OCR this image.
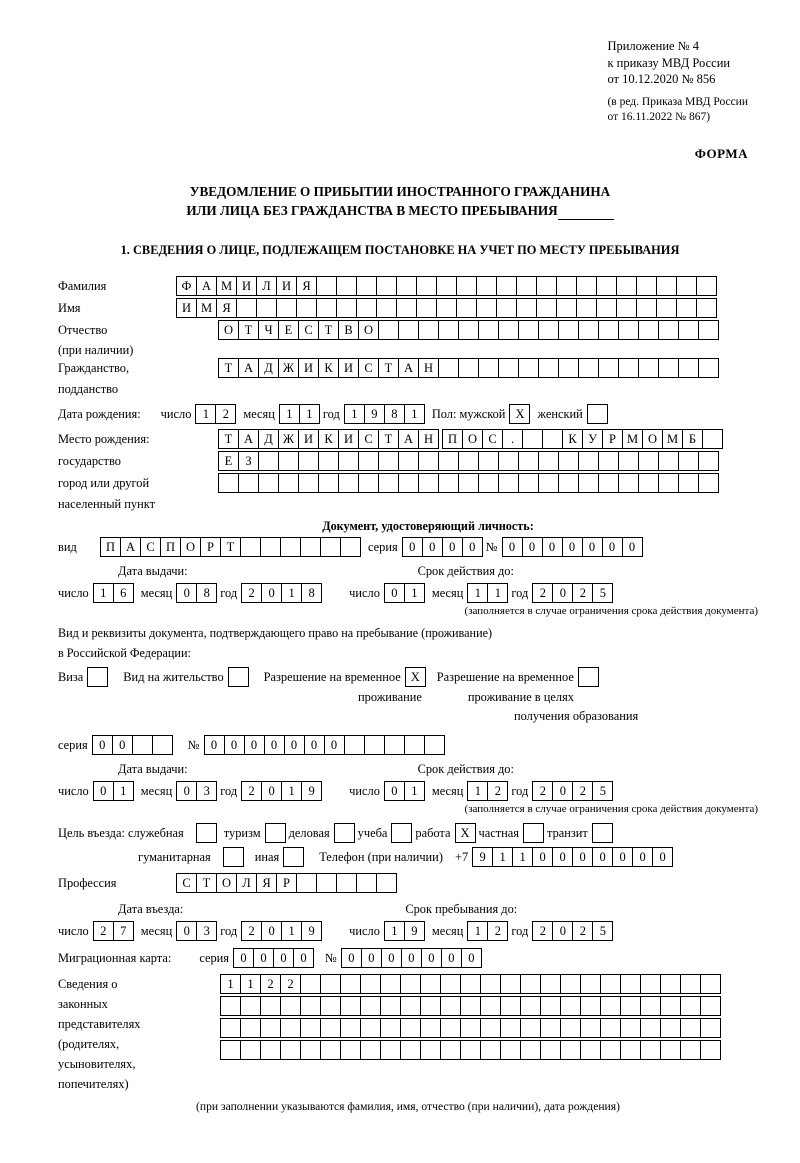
Приложение № 4
к приказу МВД России
от 10.12.2020 № 856
(в ред. Приказа МВД России
от 16.11.2022 № 867)
ФОРМА
УВЕДОМЛЕНИЕ О ПРИБЫТИИ ИНОСТРАННОГО ГРАЖДАНИНА
ИЛИ ЛИЦА БЕЗ ГРАЖДАНСТВА В МЕСТО ПРЕБЫВАНИЯ
1. СВЕДЕНИЯ О ЛИЦЕ, ПОДЛЕЖАЩЕМ ПОСТАНОВКЕ НА УЧЕТ ПО МЕСТУ ПРЕБЫВАНИЯ
Фамилия	Ф А М И Л И Я
Имя	И М Я
Отчество	О Т Ч Е С Т В О
(при наличии)
Гражданство,	Т А Д Ж И К И С Т А Н
подданство
Дата рождения: число 1	2	месяц 1	1 год 1	9	8	1	Пол: мужской Х	женский
Место рождения:	Т А Д Ж И К И С Т А Н	П О С	.	К У Р М О М Б
государство	Е	З
город или другой
населенный пункт
Документ, удостоверяющий личность:
вид	П А С П О Р	Т	серия 0	0	0	0 № 0	0	0	0	0	0	0
Дата выдачи:	Срок действия до:
число 1	6	месяц 0	8 год 2	0	1	8	число 0	1	месяц 1	1 год 2	0	2	5
(заполняется в случае ограничения срока действия документа)
Вид и реквизиты документа, подтверждающего право на пребывание (проживание)
в Российской Федерации:
Виза	Вид на жительство	Разрешение на временное Х	Разрешение на временное
проживание	проживание в целях
получения образования
серия 0	0	№ 0	0	0	0	0	0	0
Дата выдачи:	Срок действия до:
число 0	1	месяц 0	3 год 2	0	1	9	число 0	1	месяц 1	2 год 2	0	2	5
(заполняется в случае ограничения срока действия документа)
Цель въезда: служебная	туризм деловая учеба работа Х частная транзит
гуманитарная	иная	Телефон (при наличии) +7 9	1	1	0	0	0	0	0	0	0
Профессия	С Т О Л Я Р
Дата въезда:	Срок пребывания до:
число 2	7	месяц 0	3 год 2	0	1	9	число 1	9	месяц 1	2 год 2	0	2	5
Миграционная карта: серия 0	0	0	0	№ 0	0	0	0	0	0	0
Сведения о
законных
представителях
(родителях,
усыновителях,
попечителях)
1	1	2	2
(при заполнении указываются фамилия, имя, отчество (при наличии), дата рождения)
